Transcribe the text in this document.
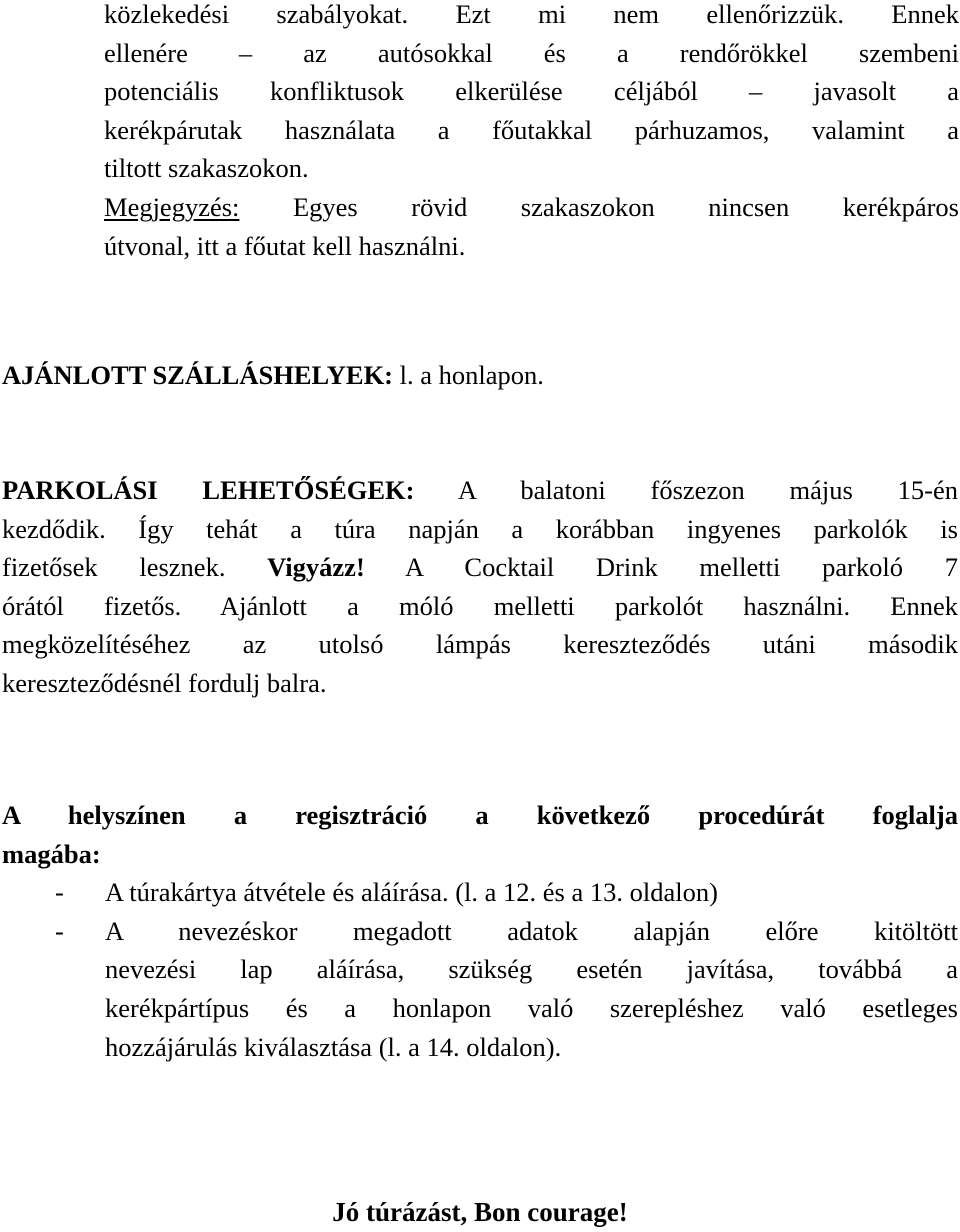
közlekedési szabályokat. Ezt mi nem ellenőrizzük. Ennek
ellenére – az autósokkal és a rendőrökkel szembeni
potenciális konfliktusok elkerülése céljából – javasolt a
kerékpárutak használata a főutakkal párhuzamos, valamint a
tiltott szakaszokon.
Megjegyzés: Egyes rövid szakaszokon nincsen kerékpáros
útvonal, itt a főutat kell használni.
AJÁNLOTT SZÁLLÁSHELYEK: l. a honlapon.
PARKOLÁSI LEHETŐSÉGEK: A balatoni főszezon május 15-én
kezdődik. Így tehát a túra napján a korábban ingyenes parkolók is
fizetősek lesznek. Vigyázz! A Cocktail Drink melletti parkoló 7
órától fizetős. Ajánlott a móló melletti parkolót használni. Ennek
megközelítéséhez az utolsó lámpás kereszteződés utáni második
kereszteződésnél fordulj balra.
A helyszínen a regisztráció a következő procedúrát foglalja
magába:
- A túrakártya átvétele és aláírása. (l. a 12. és a 13. oldalon)
- A nevezéskor megadott adatok alapján előre kitöltött
nevezési lap aláírása, szükség esetén javítása, továbbá a
kerékpártípus és a honlapon való szerepléshez való esetleges
hozzájárulás kiválasztása (l. a 14. oldalon).
Jó túrázást, Bon courage!
